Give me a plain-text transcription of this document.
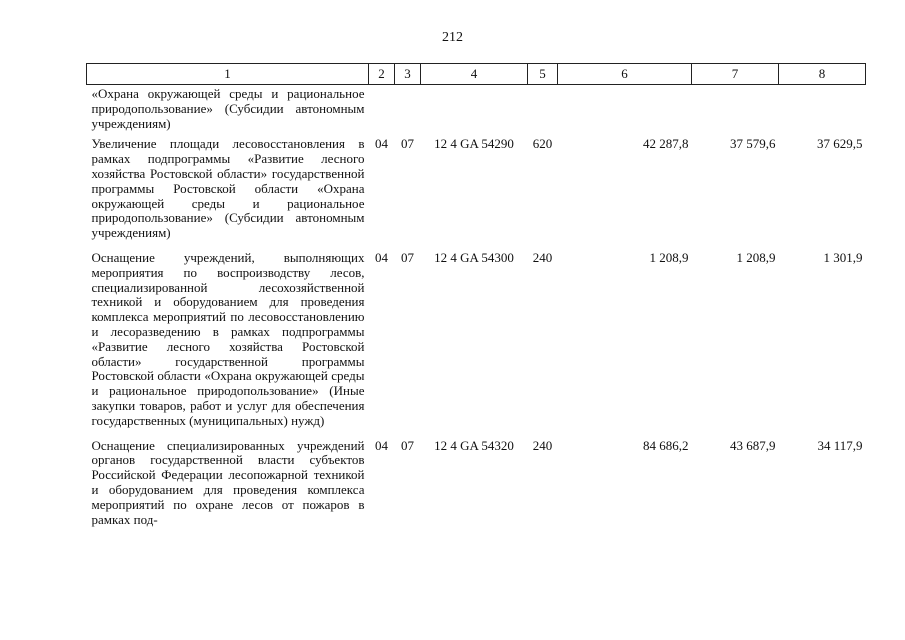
212
1	2	3	4	5	6	7	8
«Охрана окружающей среды и рациональное природопользование» (Субсидии автономным учреждениям)							
Увеличение площади лесовосстановления в рамках подпрограммы «Развитие лесного хозяйства Ростовской области» государственной программы Ростовской области «Охрана окружающей среды и рациональное природопользование» (Субсидии автономным учреждениям)	04	07	12 4 GA 54290	620	42 287,8	37 579,6	37 629,5
Оснащение учреждений, выполняющих мероприятия по воспроизводству лесов, специализированной лесохозяйственной техникой и оборудованием для проведения комплекса мероприятий по лесовосстановлению и лесоразведению в рамках подпрограммы «Развитие лесного хозяйства Ростовской области» государственной программы Ростовской области «Охрана окружающей среды и рациональное природопользование» (Иные закупки товаров, работ и услуг для обеспечения государственных (муниципальных) нужд)	04	07	12 4 GA 54300	240	1 208,9	1 208,9	1 301,9
Оснащение специализированных учреждений органов государственной власти субъектов Российской Федерации лесопожарной техникой и оборудованием для проведения комплекса мероприятий по охране лесов от пожаров в рамках под-	04	07	12 4 GA 54320	240	84 686,2	43 687,9	34 117,9
